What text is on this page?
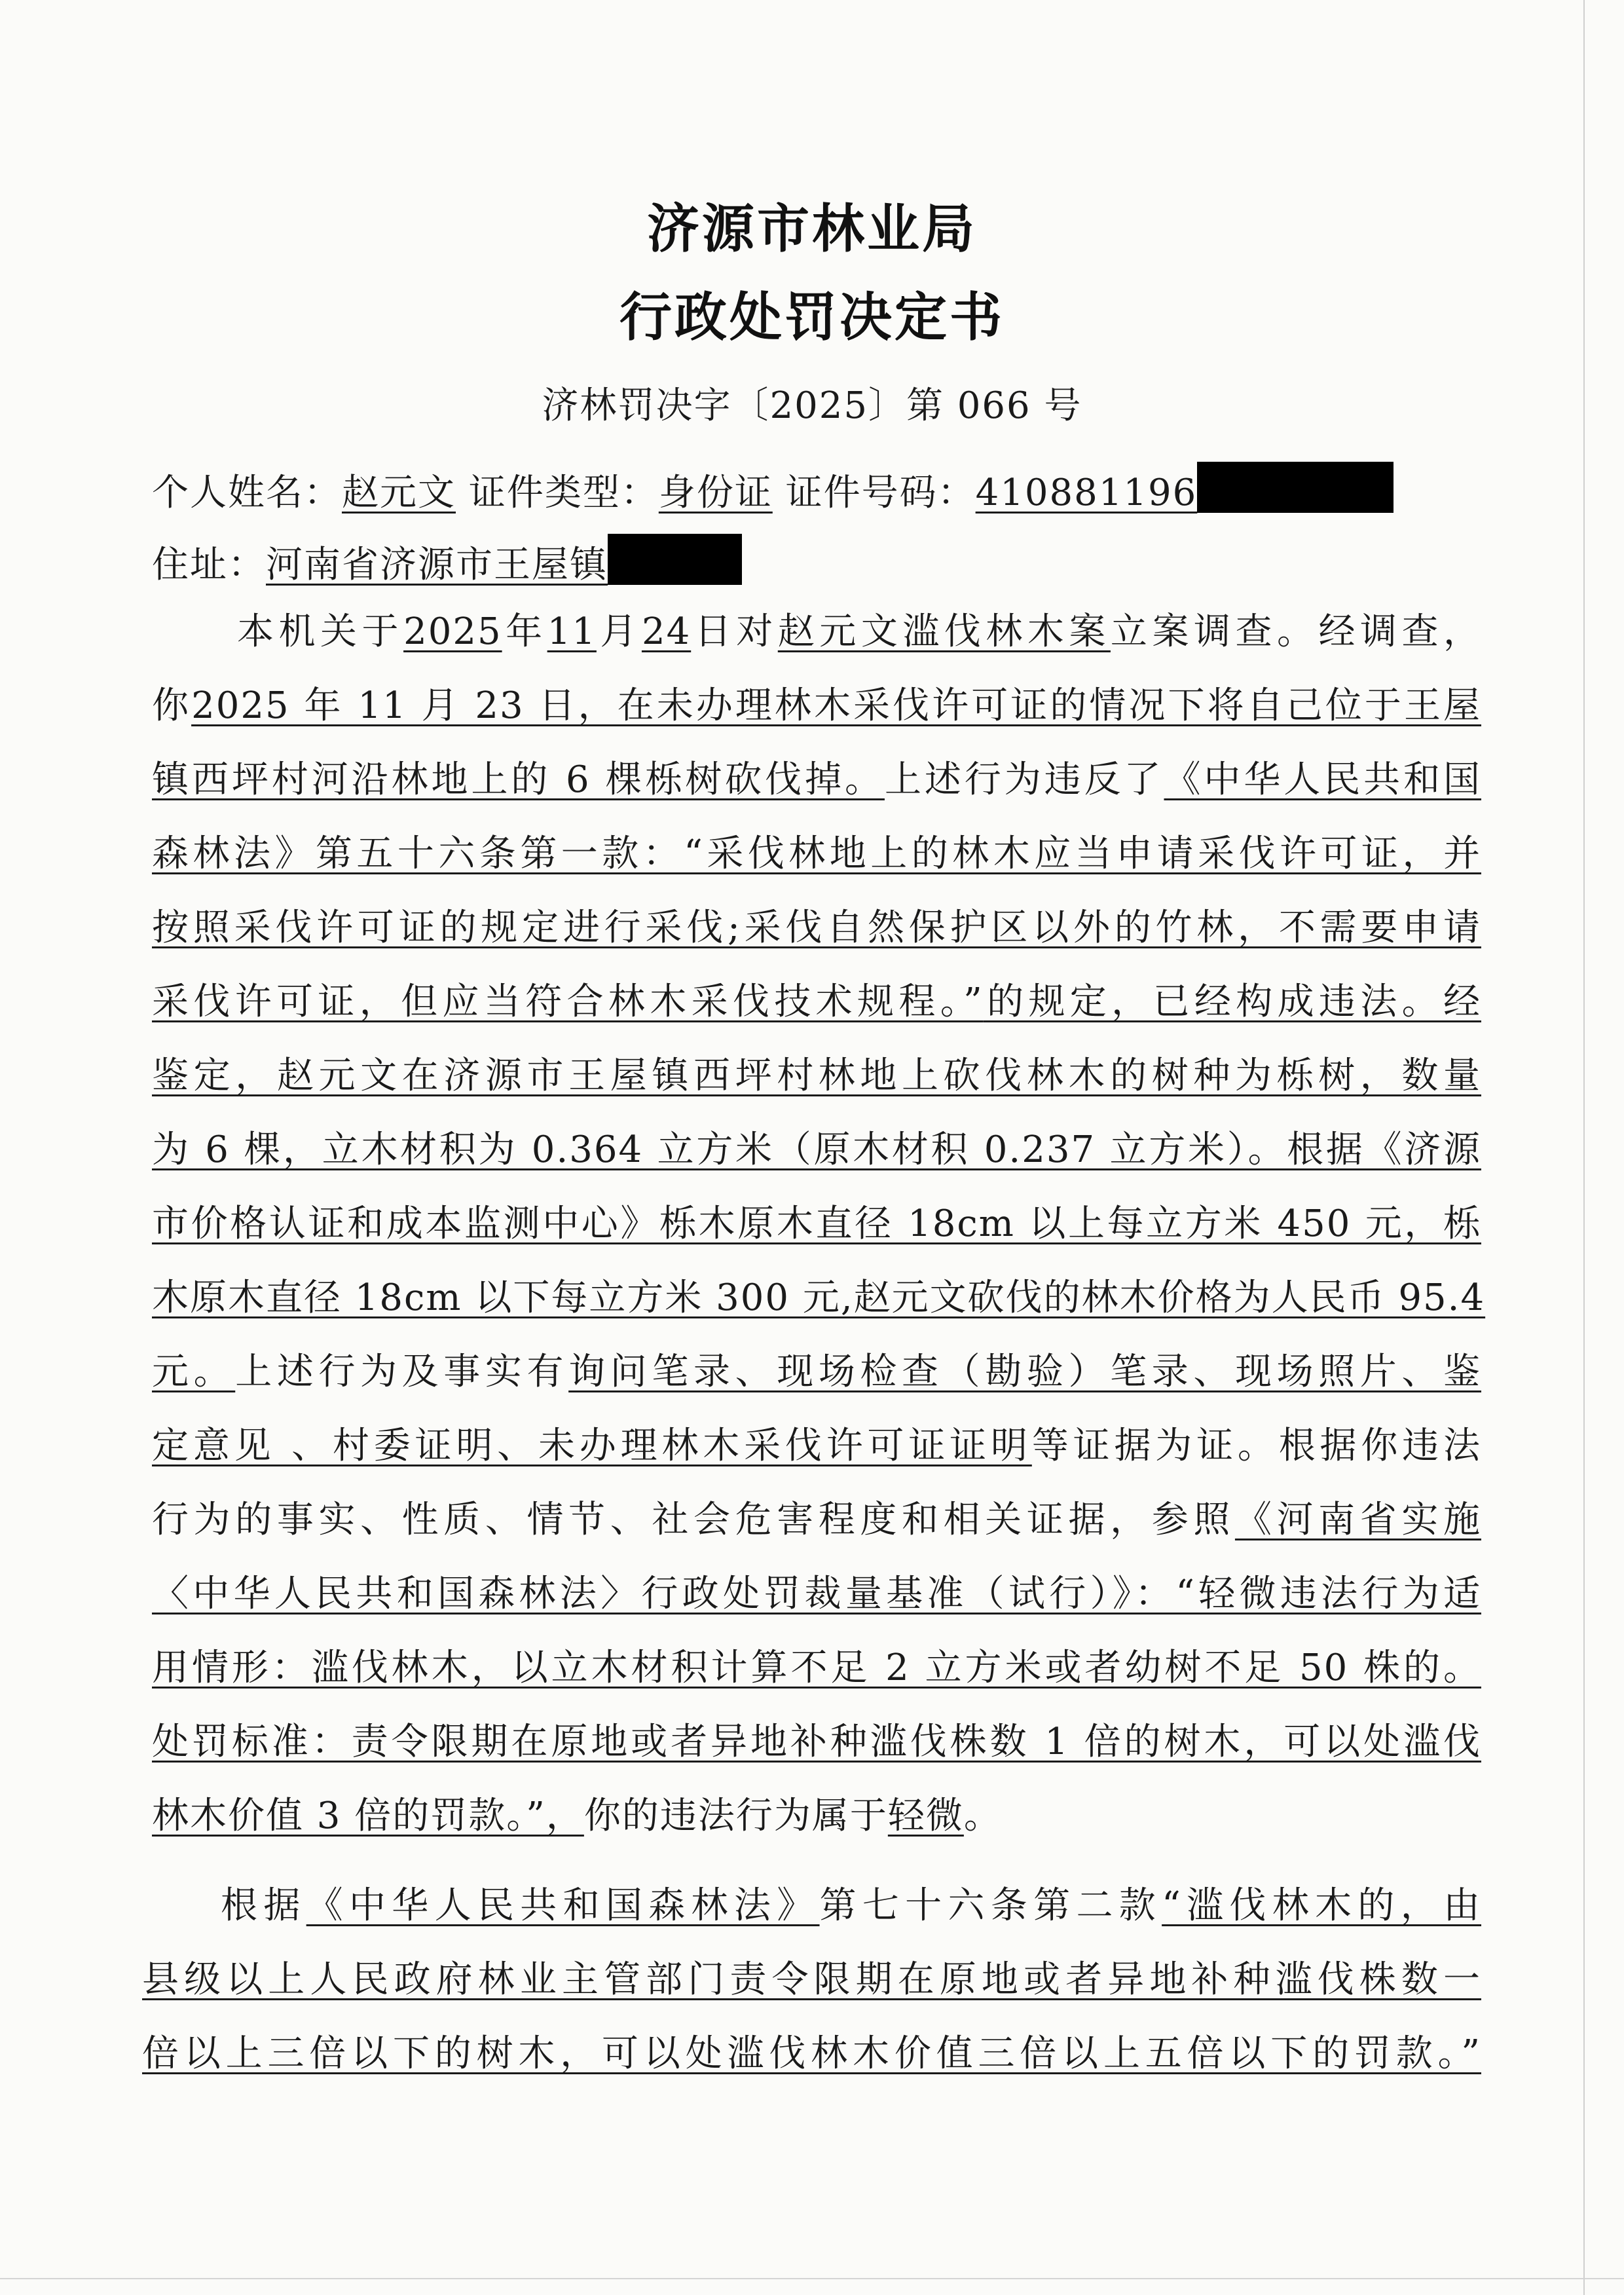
济源市林业局
行政处罚决定书
济林罚决字〔2025〕第 066 号
个人姓名：赵元文 证件类型：身份证 证件号码：410881196
住址：河南省济源市王屋镇
本机关于2025年11月24日对赵元文滥伐林木案立案调查。经调查，
你2025 年 11 月 23 日，在未办理林木采伐许可证的情况下将自己位于王屋
镇西坪村河沿林地上的 6 棵栎树砍伐掉。上述行为违反了《中华人民共和国
森林法》第五十六条第一款：“采伐林地上的林木应当申请采伐许可证，并
按照采伐许可证的规定进行采伐;采伐自然保护区以外的竹林，不需要申请
采伐许可证，但应当符合林木采伐技术规程。”的规定，已经构成违法。经
鉴定，赵元文在济源市王屋镇西坪村林地上砍伐林木的树种为栎树，数量
为 6 棵，立木材积为 0.364 立方米（原木材积 0.237 立方米）。根据《济源
市价格认证和成本监测中心》栎木原木直径 18cm 以上每立方米 450 元，栎
木原木直径 18cm 以下每立方米 300 元,赵元文砍伐的林木价格为人民币 95.4
元。上述行为及事实有询问笔录、现场检查（勘验）笔录、现场照片、鉴
定意见 、村委证明、未办理林木采伐许可证证明等证据为证。根据你违法
行为的事实、性质、情节、社会危害程度和相关证据，参照《河南省实施
〈中华人民共和国森林法〉行政处罚裁量基准（试行）》：“轻微违法行为适
用情形：滥伐林木，以立木材积计算不足 2 立方米或者幼树不足 50 株的。
处罚标准：责令限期在原地或者异地补种滥伐株数 1 倍的树木，可以处滥伐
林木价值 3 倍的罚款。”，你的违法行为属于轻微。
根据《中华人民共和国森林法》第七十六条第二款“滥伐林木的，由
县级以上人民政府林业主管部门责令限期在原地或者异地补种滥伐株数一
倍以上三倍以下的树木，可以处滥伐林木价值三倍以上五倍以下的罚款。”
